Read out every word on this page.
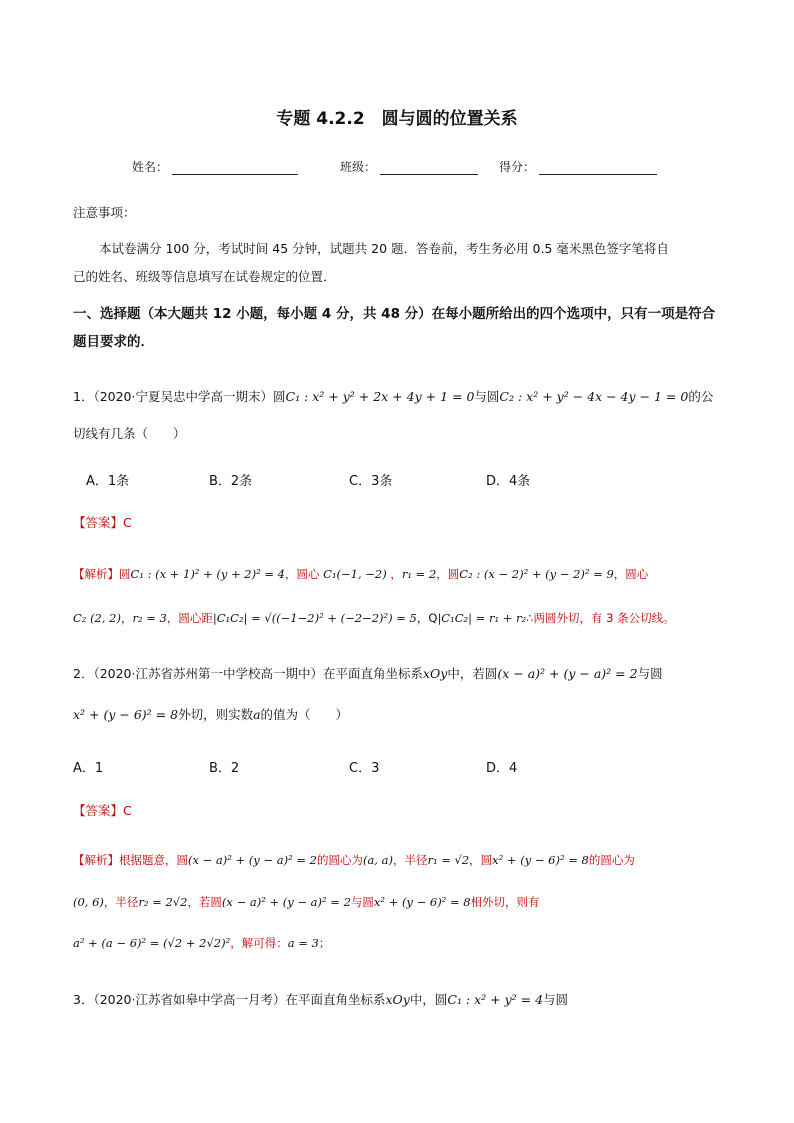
专题 4.2.2　圆与圆的位置关系
姓名：	班级：	得分：
注意事项：
本试卷满分 100 分，考试时间 45 分钟，试题共 20 题．答卷前，考生务必用 0.5 毫米黑色签字笔将自
己的姓名、班级等信息填写在试卷规定的位置．
一、选择题（本大题共 12 小题，每小题 4 分，共 48 分）在每小题所给出的四个选项中，只有一项是符合
题目要求的．
1．（2020·宁夏吴忠中学高一期末）圆C₁ : x² + y² + 2x + 4y + 1 = 0与圆C₂ : x² + y² − 4x − 4y − 1 = 0的公
切线有几条（　　）
A．1条	B．2条	C．3条	D．4条
【答案】C
【解析】圆C₁ : (x + 1)² + (y + 2)² = 4，圆心 C₁(−1, −2) ，r₁ = 2，圆C₂ : (x − 2)² + (y − 2)² = 9，圆心
C₂ (2, 2)，r₂ = 3，圆心距|C₁C₂| = √((−1−2)² + (−2−2)²) = 5，Q|C₁C₂| = r₁ + r₂∴两圆外切，有 3 条公切线。
2．（2020·江苏省苏州第一中学校高一期中）在平面直角坐标系xOy中，若圆(x − a)² + (y − a)² = 2与圆
x² + (y − 6)² = 8外切，则实数a的值为（　　）
A．1	B．2	C．3	D．4
【答案】C
【解析】根据题意，圆(x − a)² + (y − a)² = 2的圆心为(a, a)，半径r₁ = √2，圆x² + (y − 6)² = 8的圆心为
(0, 6)，半径r₂ = 2√2，若圆(x − a)² + (y − a)² = 2与圆x² + (y − 6)² = 8相外切，则有
a² + (a − 6)² = (√2 + 2√2)²，解可得：a = 3；
3．（2020·江苏省如皋中学高一月考）在平面直角坐标系xOy中，圆C₁ : x² + y² = 4与圆
